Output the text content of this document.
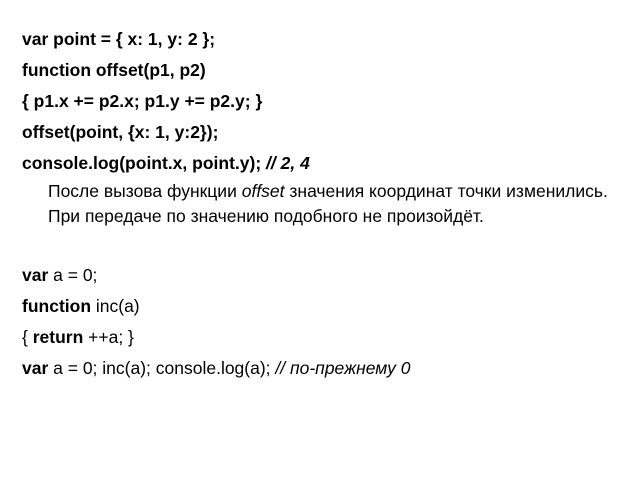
var point = { x: 1, y: 2 };
function offset(p1, p2)
{ p1.x += p2.x; p1.y += p2.y; }
offset(point, {x: 1, y:2});
console.log(point.x, point.y); // 2, 4
После вызова функции offset значения координат точки изменились. При передаче по значению подобного не произойдёт.
var a = 0;
function inc(a)
{ return ++a; }
var a = 0; inc(a); console.log(a); // по-прежнему 0
